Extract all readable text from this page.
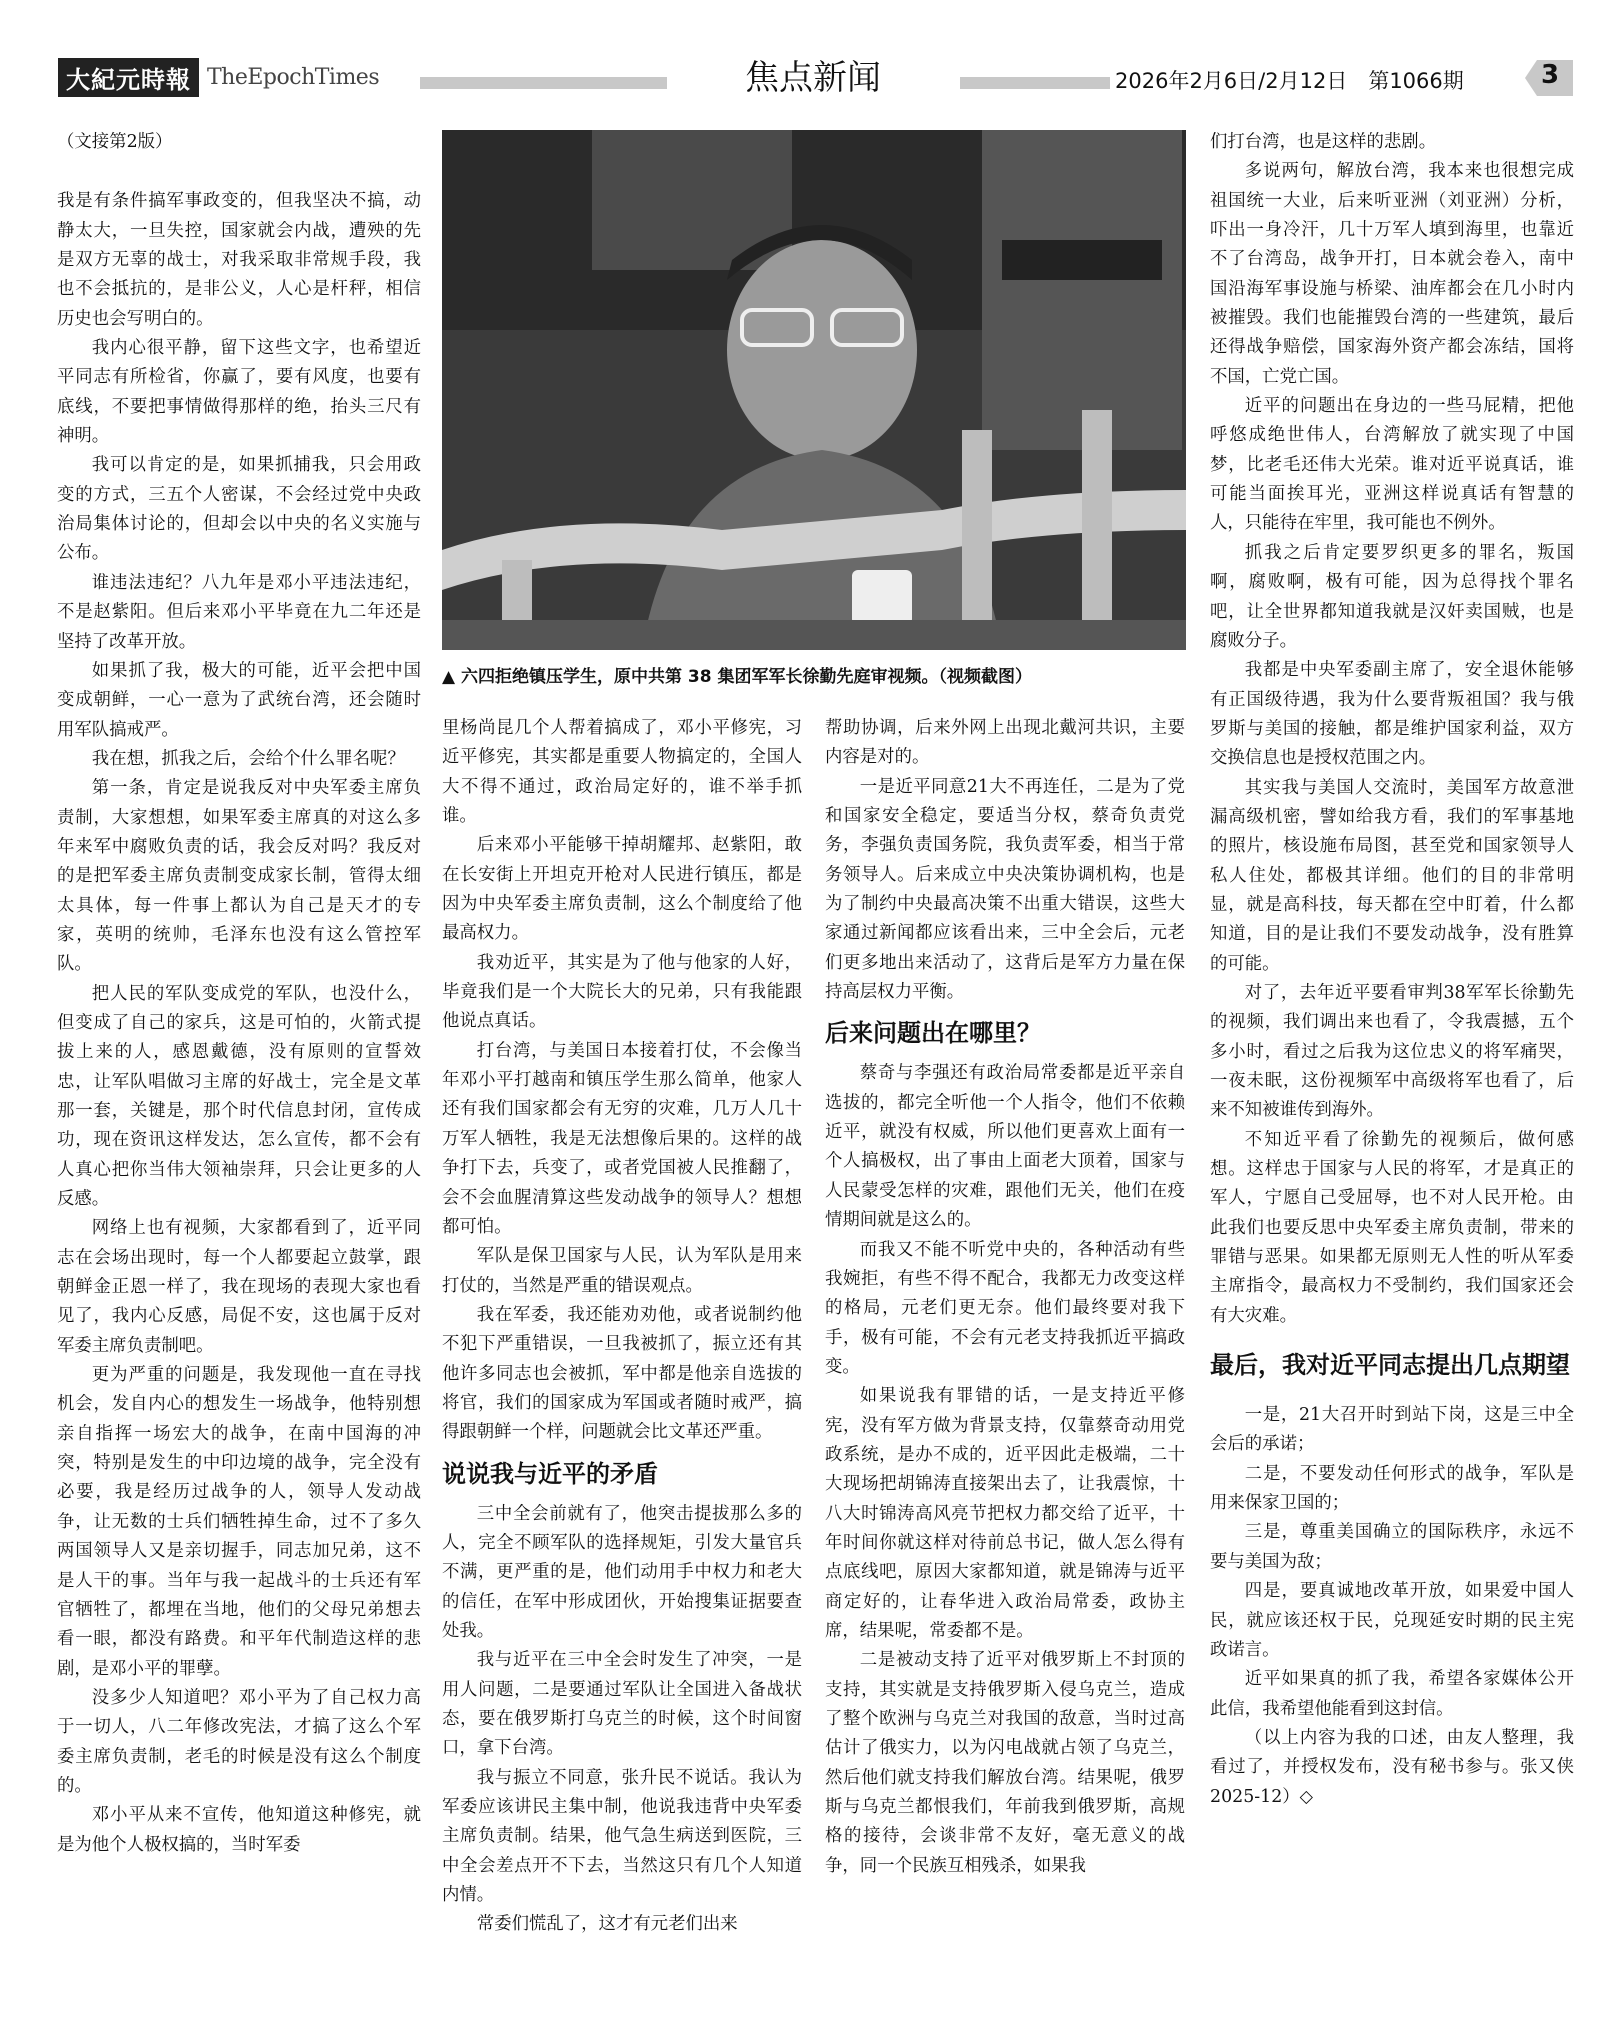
大紀元時報 TheEpochTimes	焦点新闻	2026年2月6日/2月12日　第1066期	3
▲ 六四拒绝镇压学生，原中共第 38 集团军军长徐勤先庭审视频。（视频截图）

（文接第2版）

我是有条件搞军事政变的，但我坚决不搞，动静太大，一旦失控，国家就会内战，遭殃的先是双方无辜的战士，对我采取非常规手段，我也不会抵抗的，是非公义，人心是杆秤，相信历史也会写明白的。

我内心很平静，留下这些文字，也希望近平同志有所检省，你赢了，要有风度，也要有底线，不要把事情做得那样的绝，抬头三尺有神明。

我可以肯定的是，如果抓捕我，只会用政变的方式，三五个人密谋，不会经过党中央政治局集体讨论的，但却会以中央的名义实施与公布。

谁违法违纪？八九年是邓小平违法违纪，不是赵紫阳。但后来邓小平毕竟在九二年还是坚持了改革开放。

如果抓了我，极大的可能，近平会把中国变成朝鲜，一心一意为了武统台湾，还会随时用军队搞戒严。

我在想，抓我之后，会给个什么罪名呢？

第一条，肯定是说我反对中央军委主席负责制，大家想想，如果军委主席真的对这么多年来军中腐败负责的话，我会反对吗？我反对的是把军委主席负责制变成家长制，管得太细太具体，每一件事上都认为自己是天才的专家，英明的统帅，毛泽东也没有这么管控军队。

把人民的军队变成党的军队，也没什么，但变成了自己的家兵，这是可怕的，火箭式提拔上来的人，感恩戴德，没有原则的宣誓效忠，让军队唱做习主席的好战士，完全是文革那一套，关键是，那个时代信息封闭，宣传成功，现在资讯这样发达，怎么宣传，都不会有人真心把你当伟大领袖崇拜，只会让更多的人反感。

网络上也有视频，大家都看到了，近平同志在会场出现时，每一个人都要起立鼓掌，跟朝鲜金正恩一样了，我在现场的表现大家也看见了，我内心反感，局促不安，这也属于反对军委主席负责制吧。

更为严重的问题是，我发现他一直在寻找机会，发自内心的想发生一场战争，他特别想亲自指挥一场宏大的战争，在南中国海的冲突，特别是发生的中印边境的战争，完全没有必要，我是经历过战争的人，领导人发动战争，让无数的士兵们牺牲掉生命，过不了多久两国领导人又是亲切握手，同志加兄弟，这不是人干的事。当年与我一起战斗的士兵还有军官牺牲了，都埋在当地，他们的父母兄弟想去看一眼，都没有路费。和平年代制造这样的悲剧，是邓小平的罪孽。

没多少人知道吧？邓小平为了自己权力高于一切人，八二年修改宪法，才搞了这么个军委主席负责制，老毛的时候是没有这么个制度的。

邓小平从来不宣传，他知道这种修宪，就是为他个人极权搞的，当时军委

里杨尚昆几个人帮着搞成了，邓小平修宪，习近平修宪，其实都是重要人物搞定的，全国人大不得不通过，政治局定好的，谁不举手抓谁。

后来邓小平能够干掉胡耀邦、赵紫阳，敢在长安街上开坦克开枪对人民进行镇压，都是因为中央军委主席负责制，这么个制度给了他最高权力。

我劝近平，其实是为了他与他家的人好，毕竟我们是一个大院长大的兄弟，只有我能跟他说点真话。

打台湾，与美国日本接着打仗，不会像当年邓小平打越南和镇压学生那么简单，他家人还有我们国家都会有无穷的灾难，几万人几十万军人牺牲，我是无法想像后果的。这样的战争打下去，兵变了，或者党国被人民推翻了，会不会血腥清算这些发动战争的领导人？想想都可怕。

军队是保卫国家与人民，认为军队是用来打仗的，当然是严重的错误观点。

我在军委，我还能劝劝他，或者说制约他不犯下严重错误，一旦我被抓了，振立还有其他许多同志也会被抓，军中都是他亲自选拔的将官，我们的国家成为军国或者随时戒严，搞得跟朝鲜一个样，问题就会比文革还严重。

说说我与近平的矛盾

三中全会前就有了，他突击提拔那么多的人，完全不顾军队的选择规矩，引发大量官兵不满，更严重的是，他们动用手中权力和老大的信任，在军中形成团伙，开始搜集证据要查处我。

我与近平在三中全会时发生了冲突，一是用人问题，二是要通过军队让全国进入备战状态，要在俄罗斯打乌克兰的时候，这个时间窗口，拿下台湾。

我与振立不同意，张升民不说话。我认为军委应该讲民主集中制，他说我违背中央军委主席负责制。结果，他气急生病送到医院，三中全会差点开不下去，当然这只有几个人知道内情。

常委们慌乱了，这才有元老们出来

帮助协调，后来外网上出现北戴河共识，主要内容是对的。

一是近平同意21大不再连任，二是为了党和国家安全稳定，要适当分权，蔡奇负责党务，李强负责国务院，我负责军委，相当于常务领导人。后来成立中央决策协调机构，也是为了制约中央最高决策不出重大错误，这些大家通过新闻都应该看出来，三中全会后，元老们更多地出来活动了，这背后是军方力量在保持高层权力平衡。

后来问题出在哪里？

蔡奇与李强还有政治局常委都是近平亲自选拔的，都完全听他一个人指令，他们不依赖近平，就没有权威，所以他们更喜欢上面有一个人搞极权，出了事由上面老大顶着，国家与人民蒙受怎样的灾难，跟他们无关，他们在疫情期间就是这么的。

而我又不能不听党中央的，各种活动有些我婉拒，有些不得不配合，我都无力改变这样的格局，元老们更无奈。他们最终要对我下手，极有可能，不会有元老支持我抓近平搞政变。

如果说我有罪错的话，一是支持近平修宪，没有军方做为背景支持，仅靠蔡奇动用党政系统，是办不成的，近平因此走极端，二十大现场把胡锦涛直接架出去了，让我震惊，十八大时锦涛高风亮节把权力都交给了近平，十年时间你就这样对待前总书记，做人怎么得有点底线吧，原因大家都知道，就是锦涛与近平商定好的，让春华进入政治局常委，政协主席，结果呢，常委都不是。

二是被动支持了近平对俄罗斯上不封顶的支持，其实就是支持俄罗斯入侵乌克兰，造成了整个欧洲与乌克兰对我国的敌意，当时过高估计了俄实力，以为闪电战就占领了乌克兰，然后他们就支持我们解放台湾。结果呢，俄罗斯与乌克兰都恨我们，年前我到俄罗斯，高规格的接待，会谈非常不友好，毫无意义的战争，同一个民族互相残杀，如果我

们打台湾，也是这样的悲剧。

多说两句，解放台湾，我本来也很想完成祖国统一大业，后来听亚洲（刘亚洲）分析，吓出一身冷汗，几十万军人填到海里，也靠近不了台湾岛，战争开打，日本就会卷入，南中国沿海军事设施与桥梁、油库都会在几小时内被摧毁。我们也能摧毁台湾的一些建筑，最后还得战争赔偿，国家海外资产都会冻结，国将不国，亡党亡国。

近平的问题出在身边的一些马屁精，把他呼悠成绝世伟人，台湾解放了就实现了中国梦，比老毛还伟大光荣。谁对近平说真话，谁可能当面挨耳光，亚洲这样说真话有智慧的人，只能待在牢里，我可能也不例外。

抓我之后肯定要罗织更多的罪名，叛国啊，腐败啊，极有可能，因为总得找个罪名吧，让全世界都知道我就是汉奸卖国贼，也是腐败分子。

我都是中央军委副主席了，安全退休能够有正国级待遇，我为什么要背叛祖国？我与俄罗斯与美国的接触，都是维护国家利益，双方交换信息也是授权范围之内。

其实我与美国人交流时，美国军方故意泄漏高级机密，譬如给我方看，我们的军事基地的照片，核设施布局图，甚至党和国家领导人私人住处，都极其详细。他们的目的非常明显，就是高科技，每天都在空中盯着，什么都知道，目的是让我们不要发动战争，没有胜算的可能。

对了，去年近平要看审判38军军长徐勤先的视频，我们调出来也看了，令我震撼，五个多小时，看过之后我为这位忠义的将军痛哭，一夜未眠，这份视频军中高级将军也看了，后来不知被谁传到海外。

不知近平看了徐勤先的视频后，做何感想。这样忠于国家与人民的将军，才是真正的军人，宁愿自己受屈辱，也不对人民开枪。由此我们也要反思中央军委主席负责制，带来的罪错与恶果。如果都无原则无人性的听从军委主席指令，最高权力不受制约，我们国家还会有大灾难。

最后，我对近平同志提出几点期望

一是，21大召开时到站下岗，这是三中全会后的承诺；

二是，不要发动任何形式的战争，军队是用来保家卫国的；

三是，尊重美国确立的国际秩序，永远不要与美国为敌；

四是，要真诚地改革开放，如果爱中国人民，就应该还权于民，兑现延安时期的民主宪政诺言。

近平如果真的抓了我，希望各家媒体公开此信，我希望他能看到这封信。

（以上内容为我的口述，由友人整理，我看过了，并授权发布，没有秘书参与。张又侠 2025-12）◇
